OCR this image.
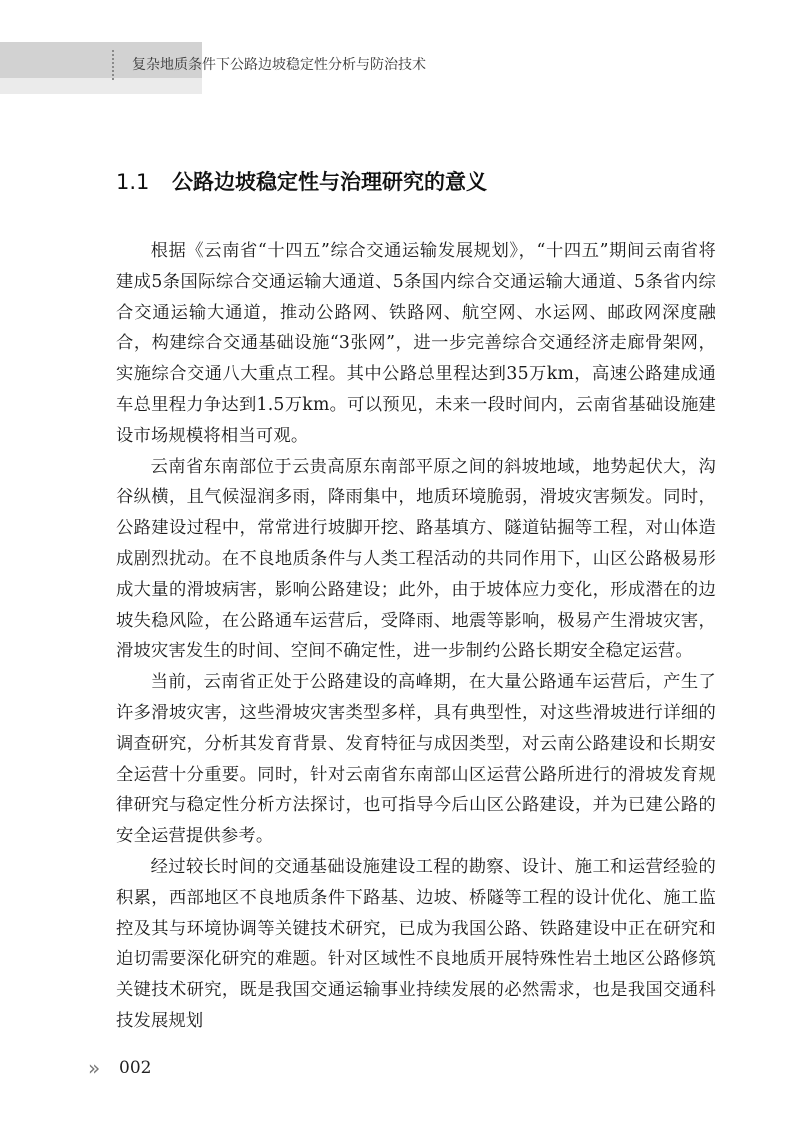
复杂地质条件下公路边坡稳定性分析与防治技术
1.1 公路边坡稳定性与治理研究的意义

根据《云南省“十四五”综合交通运输发展规划》，“十四五”期间云南省将建成5条国际综合交通运输大通道、5条国内综合交通运输大通道、5条省内综合交通运输大通道，推动公路网、铁路网、航空网、水运网、邮政网深度融合，构建综合交通基础设施“3张网”，进一步完善综合交通经济走廊骨架网，实施综合交通八大重点工程。其中公路总里程达到35万km，高速公路建成通车总里程力争达到1.5万km。可以预见，未来一段时间内，云南省基础设施建设市场规模将相当可观。

云南省东南部位于云贵高原东南部平原之间的斜坡地域，地势起伏大，沟谷纵横，且气候湿润多雨，降雨集中，地质环境脆弱，滑坡灾害频发。同时，公路建设过程中，常常进行坡脚开挖、路基填方、隧道钻掘等工程，对山体造成剧烈扰动。在不良地质条件与人类工程活动的共同作用下，山区公路极易形成大量的滑坡病害，影响公路建设；此外，由于坡体应力变化，形成潜在的边坡失稳风险，在公路通车运营后，受降雨、地震等影响，极易产生滑坡灾害，滑坡灾害发生的时间、空间不确定性，进一步制约公路长期安全稳定运营。

当前，云南省正处于公路建设的高峰期，在大量公路通车运营后，产生了许多滑坡灾害，这些滑坡灾害类型多样，具有典型性，对这些滑坡进行详细的调查研究，分析其发育背景、发育特征与成因类型，对云南公路建设和长期安全运营十分重要。同时，针对云南省东南部山区运营公路所进行的滑坡发育规律研究与稳定性分析方法探讨，也可指导今后山区公路建设，并为已建公路的安全运营提供参考。

经过较长时间的交通基础设施建设工程的勘察、设计、施工和运营经验的积累，西部地区不良地质条件下路基、边坡、桥隧等工程的设计优化、施工监控及其与环境协调等关键技术研究，已成为我国公路、铁路建设中正在研究和迫切需要深化研究的难题。针对区域性不良地质开展特殊性岩土地区公路修筑关键技术研究，既是我国交通运输事业持续发展的必然需求，也是我国交通科技发展规划

» 002
